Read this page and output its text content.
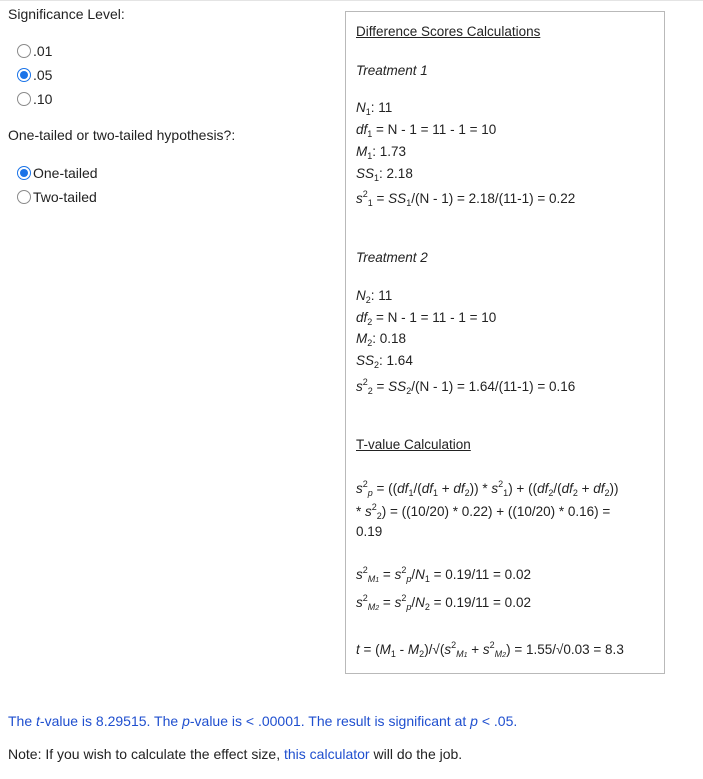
Significance Level:
.01
.05
.10
One-tailed or two-tailed hypothesis?:
One-tailed
Two-tailed
Difference Scores Calculations
Treatment 1
$N_1$: 11
$df_1 = N - 1 = 11 - 1 = 10$
$M_1$: 1.73
$SS_1$: 2.18
$s^2_1 = SS_1/(N - 1) = 2.18/(11-1) = 0.22$
Treatment 2
$N_2$: 11
$df_2 = N - 1 = 11 - 1 = 10$
$M_2$: 0.18
$SS_2$: 1.64
$s^2_2 = SS_2/(N - 1) = 1.64/(11-1) = 0.16$
T-value Calculation
$s^2_p = ((df_1/(df_1 + df_2)) * s^2_1) + ((df_2/(df_2 + df_2))$
* $s^2_2) = ((10/20) * 0.22) + ((10/20) * 0.16)$ =
0.19
$s^2_{M1} = s^2_p/N_1 = 0.19/11 = 0.02$
$s^2_{M2} = s^2_p/N_2 = 0.19/11 = 0.02$
$t = (M_1 - M_2)/√(s^2_{M1} + s^2_{M2}) = 1.55/√0.03 = 8.3$
The t-value is 8.29515. The p-value is < .00001. The result is significant at p < .05.
Note: If you wish to calculate the effect size, this calculator will do the job.
